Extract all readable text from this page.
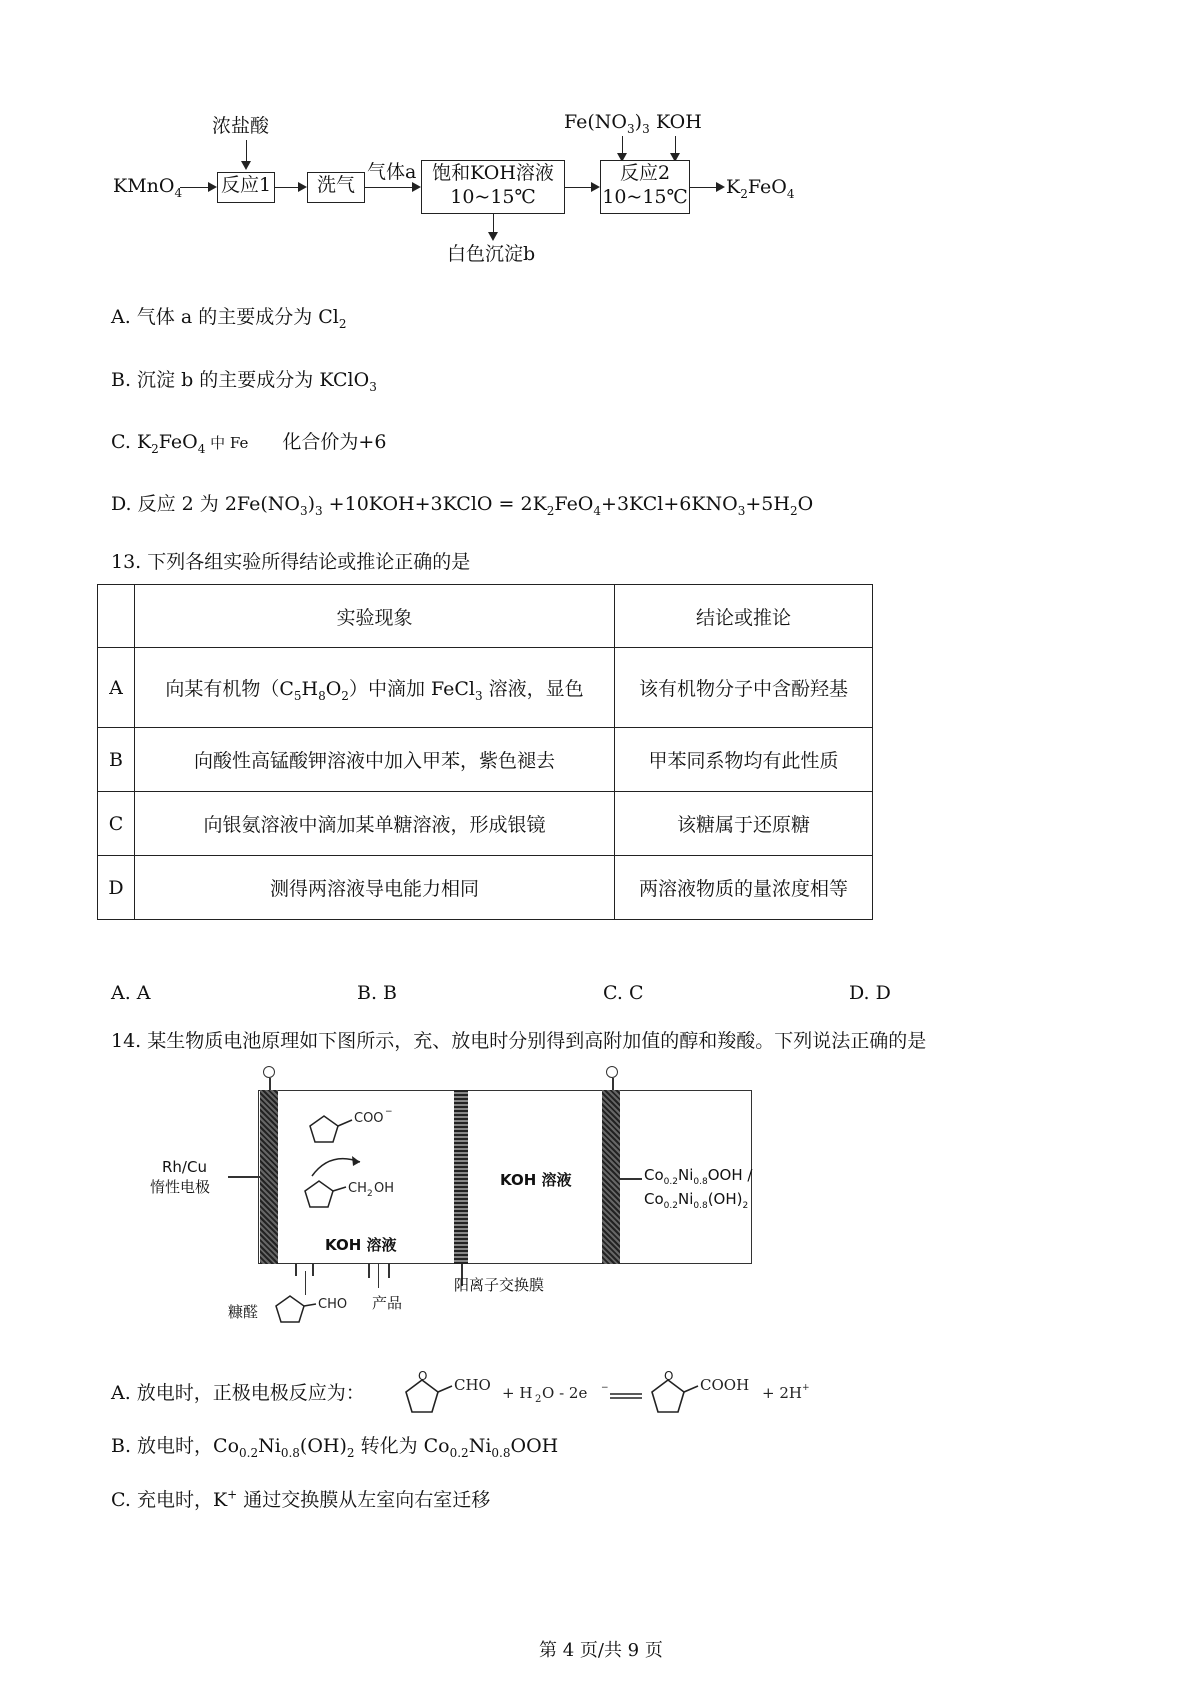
浓盐酸
KMnO$_4$ 反应1	洗气
气体a 饱和KOH溶液
10~15℃
白色沉淀b
$Fe(NO_3)_3$ KOH
反应2
10~15℃ $K_2FeO_4$
A. 气体 a 的主要成分为 $Cl_2$
B. 沉淀 b 的主要成分为 KClO$_3$
C. $K_2FeO_4$ 中 Fe 化合价为+6
D. 反应 2 为 $2Fe(NO_3)_3$ +10KOH+3KClO = $2K_2FeO_4+3KCl+6KNO_3+5H_2O$
13. 下列各组实验所得结论或推论正确的是
	实验现象	结论或推论
A	向某有机物$(C_5H_8O_2)$中滴加 FeCl$_3$ 溶液，显色	该有机物分子中含酚羟基
B	向酸性高锰酸钾溶液中加入甲苯，紫色褪去	甲苯同系物均有此性质
C	向银氨溶液中滴加某单糖溶液，形成银镜	该糖属于还原糖
D	测得两溶液导电能力相同	两溶液物质的量浓度相等
A. A	B. B	C. C	D. D
14. 某生物质电池原理如下图所示，充、放电时分别得到高附加值的醇和羧酸。下列说法正确的是
Rh/Cu
惰性电极
COO −
CH 2 OH
KOH 溶液
KOH 溶液	$Co_{0.2}Ni_{0.8}OOH$ /
$Co_{0.2}Ni_{0.8}(OH)_2$
糠醛	CHO 产品
阳离子交换膜
A. 放电时，正极电极反应为：
O CHO + H 2 O - 2e −
O COOH + 2H +
B. 放电时，$Co_{0.2}Ni_{0.8}(OH)_2$ 转化为 $Co_{0.2}Ni_{0.8}OOH$
C. 充电时，K+ 通过交换膜从左室向右室迁移
第 4 页/共 9 页
